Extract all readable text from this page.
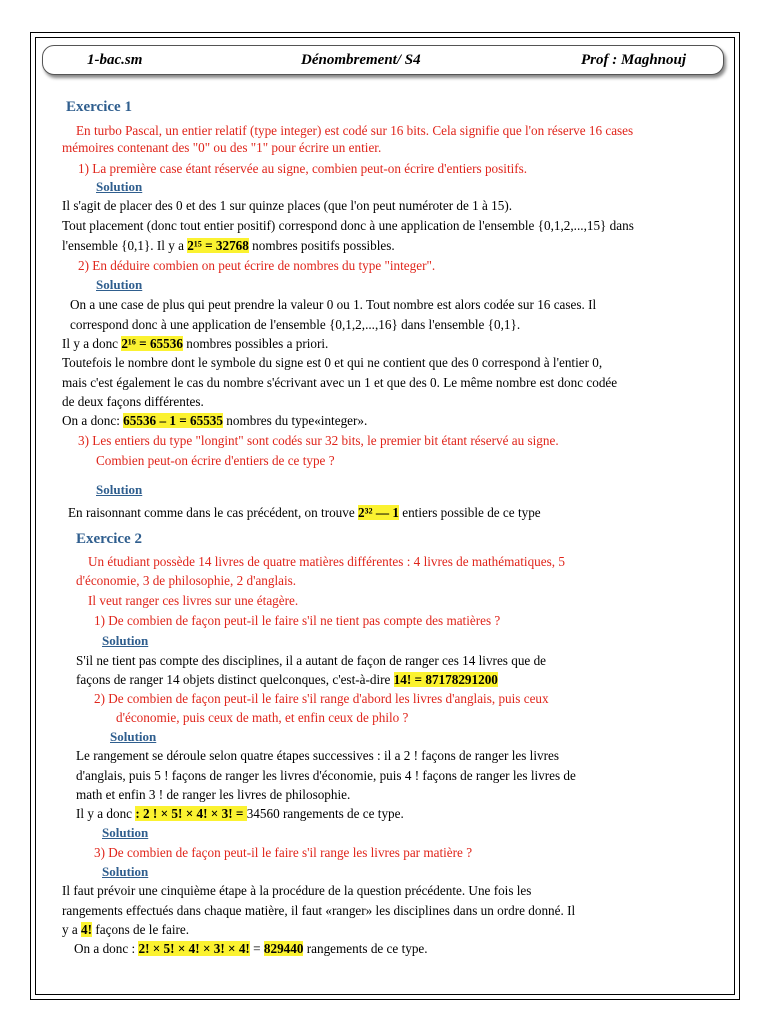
1-bac.sm	Dénombrement/ S4	Prof : Maghnouj
Exercice 1
En turbo Pascal, un entier relatif (type integer) est codé sur 16 bits. Cela signifie que l'on réserve 16 cases
mémoires contenant des "0" ou des "1" pour écrire un entier.
1) La première case étant réservée au signe, combien peut-on écrire d'entiers positifs.
Solution
Il s'agit de placer des 0 et des 1 sur quinze places (que l'on peut numéroter de 1 à 15).
Tout placement (donc tout entier positif) correspond donc à une application de l'ensemble {0,1,2,...,15} dans
l'ensemble {0,1}. Il y a 2¹⁵ = 32768 nombres positifs possibles.
2) En déduire combien on peut écrire de nombres du type "integer".
Solution
On a une case de plus qui peut prendre la valeur 0 ou 1. Tout nombre est alors codée sur 16 cases. Il
correspond donc à une application de l'ensemble {0,1,2,...,16} dans l'ensemble {0,1}.
Il y a donc 2¹⁶ = 65536 nombres possibles a priori.
Toutefois le nombre dont le symbole du signe est 0 et qui ne contient que des 0 correspond à l'entier 0,
mais c'est également le cas du nombre s'écrivant avec un 1 et que des 0. Le même nombre est donc codée
de deux façons différentes.
On a donc: 65536 – 1 = 65535 nombres du type«integer».
3) Les entiers du type "longint" sont codés sur 32 bits, le premier bit étant réservé au signe.
Combien peut-on écrire d'entiers de ce type ?
Solution
En raisonnant comme dans le cas précédent, on trouve 2³² — 1 entiers possible de ce type
Exercice 2
Un étudiant possède 14 livres de quatre matières différentes : 4 livres de mathématiques, 5
d'économie, 3 de philosophie, 2 d'anglais.
Il veut ranger ces livres sur une étagère.
1) De combien de façon peut-il le faire s'il ne tient pas compte des matières ?
Solution
S'il ne tient pas compte des disciplines, il a autant de façon de ranger ces 14 livres que de
façons de ranger 14 objets distinct quelconques, c'est-à-dire 14! = 87178291200
2) De combien de façon peut-il le faire s'il range d'abord les livres d'anglais, puis ceux
d'économie, puis ceux de math, et enfin ceux de philo ?
Solution
Le rangement se déroule selon quatre étapes successives : il a 2 ! façons de ranger les livres
d'anglais, puis 5 ! façons de ranger les livres d'économie, puis 4 ! façons de ranger les livres de
math et enfin 3 ! de ranger les livres de philosophie.
Il y a donc : 2 ! × 5! × 4! × 3! = 34560 rangements de ce type.
Solution
3) De combien de façon peut-il le faire s'il range les livres par matière ?
Solution
Il faut prévoir une cinquième étape à la procédure de la question précédente. Une fois les
rangements effectués dans chaque matière, il faut «ranger» les disciplines dans un ordre donné. Il
y a 4! façons de le faire.
On a donc : 2! × 5! × 4! × 3! × 4! = 829440 rangements de ce type.
